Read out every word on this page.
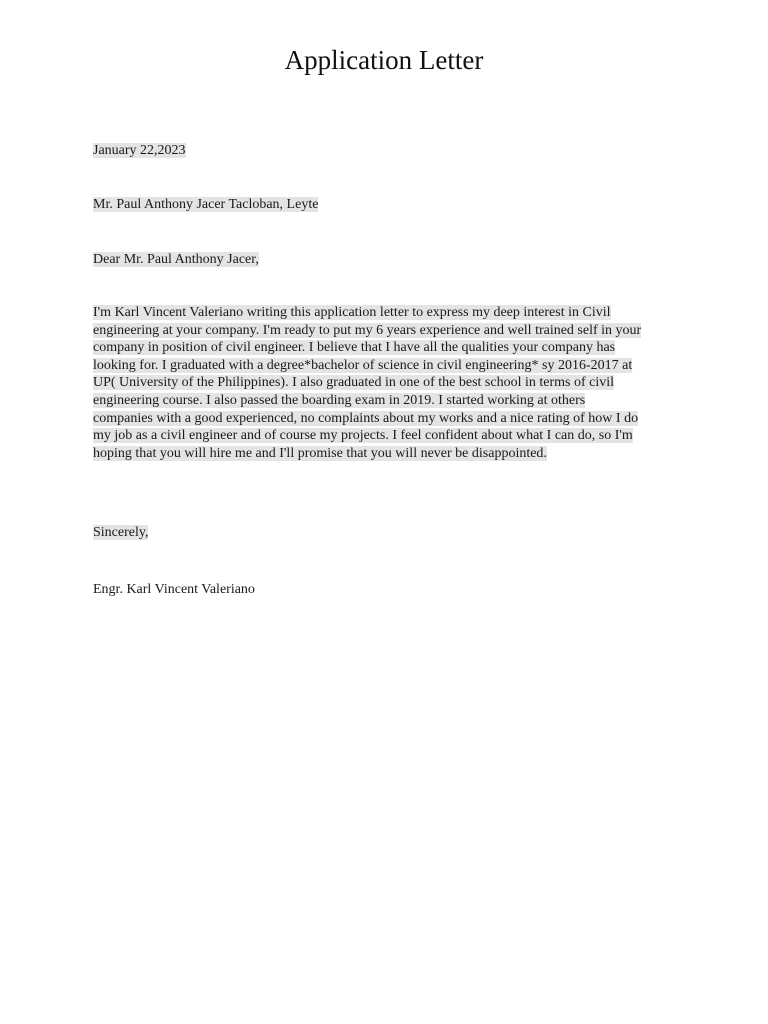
Application Letter
January 22,2023
Mr. Paul Anthony Jacer Tacloban, Leyte
Dear Mr. Paul Anthony Jacer,
I'm Karl Vincent Valeriano writing this application letter to express my deep interest in Civil
engineering at your company. I'm ready to put my 6 years experience and well trained self in your
company in position of civil engineer. I believe that I have all the qualities your company has
looking for. I graduated with a degree*bachelor of science in civil engineering* sy 2016-2017 at
UP( University of the Philippines). I also graduated in one of the best school in terms of civil
engineering course. I also passed the boarding exam in 2019. I started working at others
companies with a good experienced, no complaints about my works and a nice rating of how I do
my job as a civil engineer and of course my projects. I feel confident about what I can do, so I'm
hoping that you will hire me and I'll promise that you will never be disappointed.
Sincerely,
Engr. Karl Vincent Valeriano
